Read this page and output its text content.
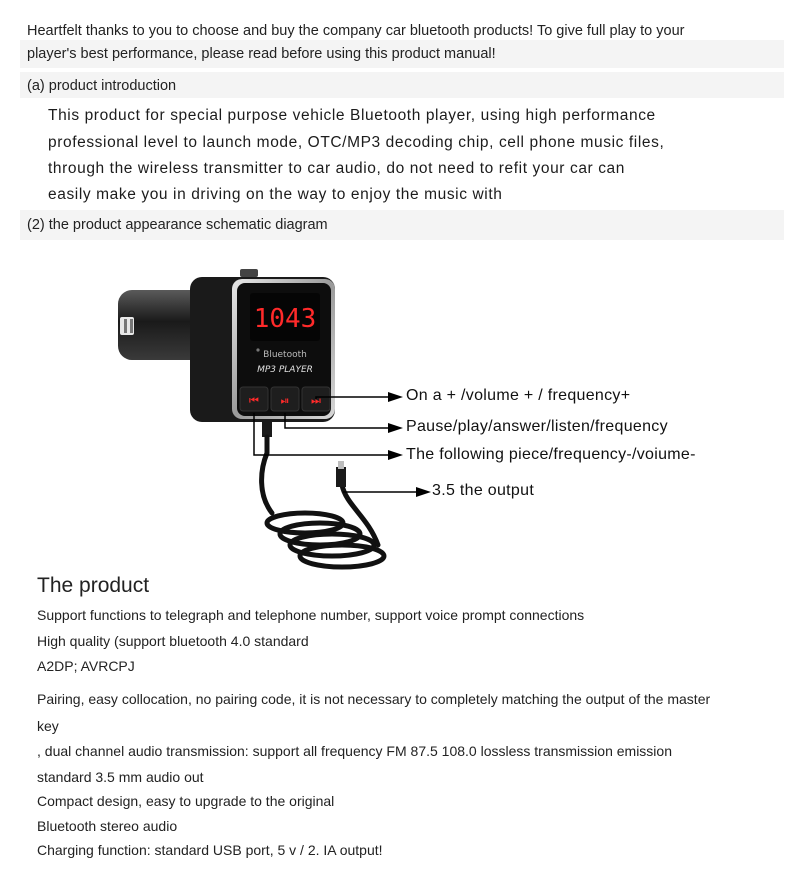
Heartfelt thanks to you to choose and buy the company car bluetooth products! To give full play to your
player's best performance, please read before using this product manual!
(a) product introduction
This product for special purpose vehicle Bluetooth player, using high performance
professional level to launch mode, OTC/MP3 decoding chip, cell phone music files,
through the wireless transmitter to car audio, do not need to refit your car can
easily make you in driving on the way to enjoy the music with
(2) the product appearance schematic diagram
1043
Bluetooth
MP3 PLAYER
⏮ ⏯ ⏭	On a + /volume + / frequency+
Pause/play/answer/listen/frequency
The following piece/frequency-/voiume-
3.5 the output
The product
Support functions to telegraph and telephone number, support voice prompt connections
High quality (support bluetooth 4.0 standard
A2DP; AVRCPJ
Pairing, easy collocation, no pairing code, it is not necessary to completely matching the output of the master
key
, dual channel audio transmission: support all frequency FM 87.5 108.0 lossless transmission emission
standard 3.5 mm audio out
Compact design, easy to upgrade to the original
Bluetooth stereo audio
Charging function: standard USB port, 5 v / 2. IA output!
